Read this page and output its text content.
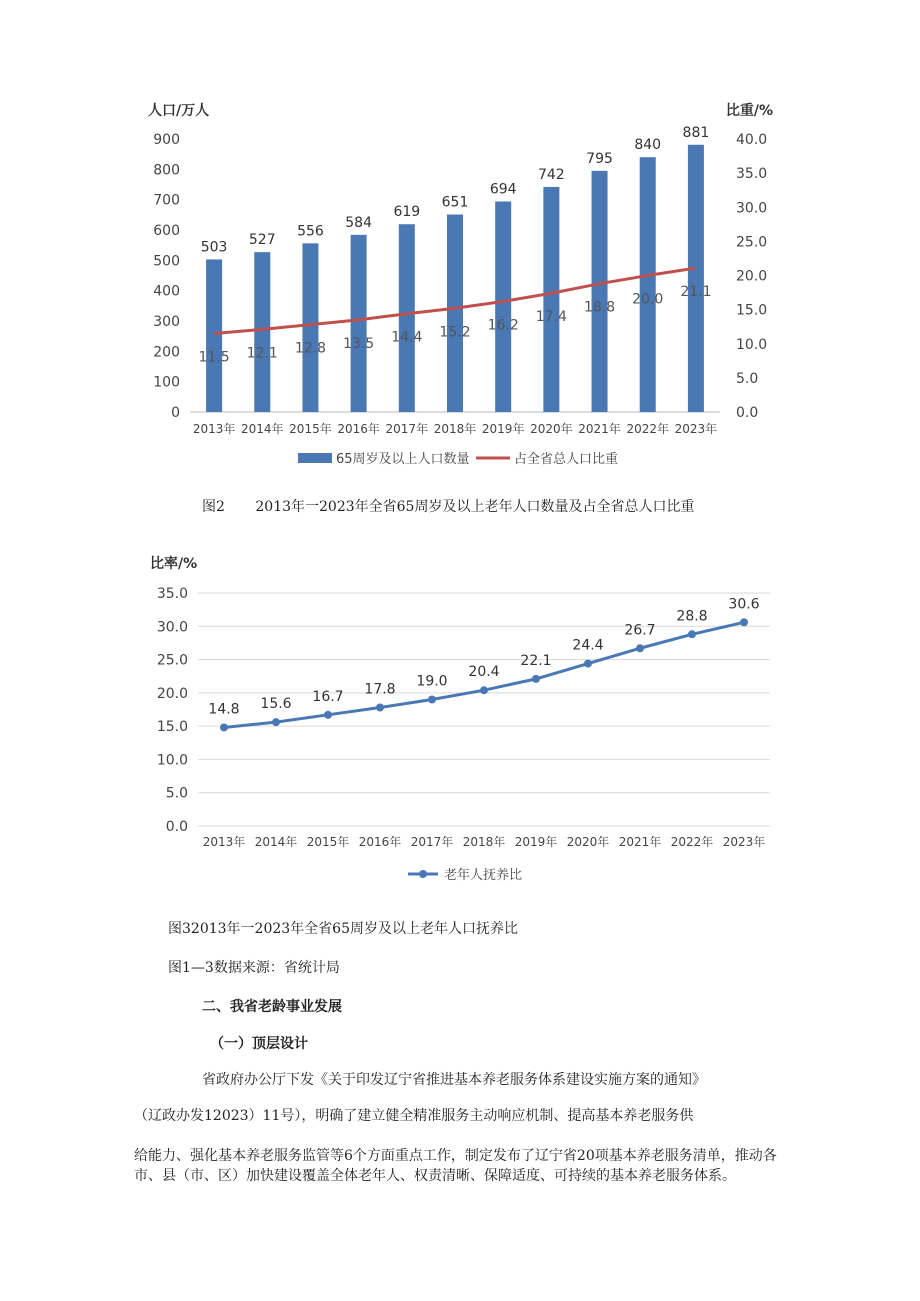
人口/万人	比重/%
0
100
200
300
400
500
600
700
800
900
0.0
5.0
10.0
15.0
20.0
25.0
30.0
35.0
40.0
503
2013年
527
2014年
556
2015年
584
2016年
619
2017年
651
2018年
694
2019年
742
2020年
795
2021年
840
2022年
881
2023年
11.5 12.1 12.8 13.5 14.4 15.2 16.2
17.4
18.8
20.0 21.1
65周岁及以上人口数量	占全省总人口比重
图2 2013年一2023年全省65周岁及以上老年人口数量及占全省总人口比重
比率/%
0.0
5.0
10.0
15.0
20.0
25.0
30.0
35.0
14.8
2013年
15.6
2014年
16.7
2015年
17.8
2016年
19.0
2017年
20.4
2018年
22.1
2019年
24.4
2020年
26.7
2021年
28.8
2022年
30.6
2023年
老年人抚养比
图32013年一2023年全省65周岁及以上老年人口抚养比
图1—3数据来源：省统计局
二、我省老龄事业发展
（一）顶层设计
省政府办公厅下发《关于印发辽宁省推进基本养老服务体系建设实施方案的通知》
（辽政办发12023）11号），明确了建立健全精准服务主动响应机制、提高基本养老服务供
给能力、强化基本养老服务监管等6个方面重点工作，制定发布了辽宁省20项基本养老服务清单，推动各市、县（市、区）加快建设覆盖全体老年人、权责清晰、保障适度、可持续的基本养老服务体系。
